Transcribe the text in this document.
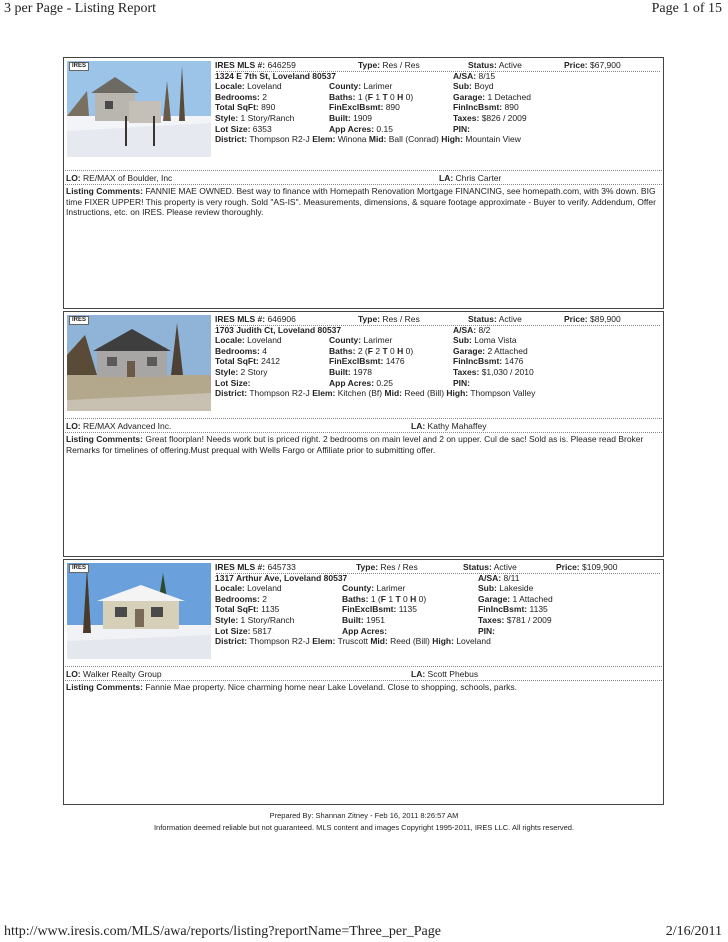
3 per Page - Listing Report	Page 1 of 15
IRES	IRES MLS #: 646259	Type: Res / Res	Status: Active	Price: $67,900
1324 E 7th St, Loveland 80537	A/SA: 8/15
Locale: Loveland	County: Larimer	Sub: Boyd
Bedrooms: 2	Baths: 1 (F 1 T 0 H 0)	Garage: 1 Detached
Total SqFt: 890	FinExclBsmt: 890	FinIncBsmt: 890
Style: 1 Story/Ranch	Built: 1909	Taxes: $826 / 2009
Lot Size: 6353	App Acres: 0.15	PIN:
District: Thompson R2-J Elem: Winona Mid: Ball (Conrad) High: Mountain View
LO: RE/MAX of Boulder, Inc	LA: Chris Carter
Listing Comments: FANNIE MAE OWNED. Best way to finance with Homepath Renovation Mortgage FINANCING, see homepath.com, with 3% down. BIG time FIXER UPPER! This property is very rough. Sold "AS-IS". Measurements, dimensions, & square footage approximate - Buyer to verify. Addendum, Offer Instructions, etc. on IRES. Please review thoroughly.
IRES	IRES MLS #: 646906	Type: Res / Res	Status: Active	Price: $89,900
1703 Judith Ct, Loveland 80537	A/SA: 8/2
Locale: Loveland	County: Larimer	Sub: Loma Vista
Bedrooms: 4	Baths: 2 (F 2 T 0 H 0)	Garage: 2 Attached
Total SqFt: 2412	FinExclBsmt: 1476	FinIncBsmt: 1476
Style: 2 Story	Built: 1978	Taxes: $1,030 / 2010
Lot Size:	App Acres: 0.25	PIN:
District: Thompson R2-J Elem: Kitchen (Bf) Mid: Reed (Bill) High: Thompson Valley
LO: RE/MAX Advanced Inc.	LA: Kathy Mahaffey
Listing Comments: Great floorplan! Needs work but is priced right. 2 bedrooms on main level and 2 on upper. Cul de sac! Sold as is. Please read Broker Remarks for timelines of offering.Must prequal with Wells Fargo or Affiliate prior to submitting offer.
IRES	IRES MLS #: 645733	Type: Res / Res	Status: Active	Price: $109,900
1317 Arthur Ave, Loveland 80537	A/SA: 8/11
Locale: Loveland	County: Larimer	Sub: Lakeside
Bedrooms: 2	Baths: 1 (F 1 T 0 H 0)	Garage: 1 Attached
Total SqFt: 1135	FinExclBsmt: 1135	FinIncBsmt: 1135
Style: 1 Story/Ranch	Built: 1951	Taxes: $781 / 2009
Lot Size: 5817	App Acres:	PIN:
District: Thompson R2-J Elem: Truscott Mid: Reed (Bill) High: Loveland
LO: Walker Realty Group	LA: Scott Phebus
Listing Comments: Fannie Mae property. Nice charming home near Lake Loveland. Close to shopping, schools, parks.
Prepared By: Shannan Zitney - Feb 16, 2011 8:26:57 AM
Information deemed reliable but not guaranteed. MLS content and images Copyright 1995-2011, IRES LLC. All rights reserved.
http://www.iresis.com/MLS/awa/reports/listing?reportName=Three_per_Page	2/16/2011
